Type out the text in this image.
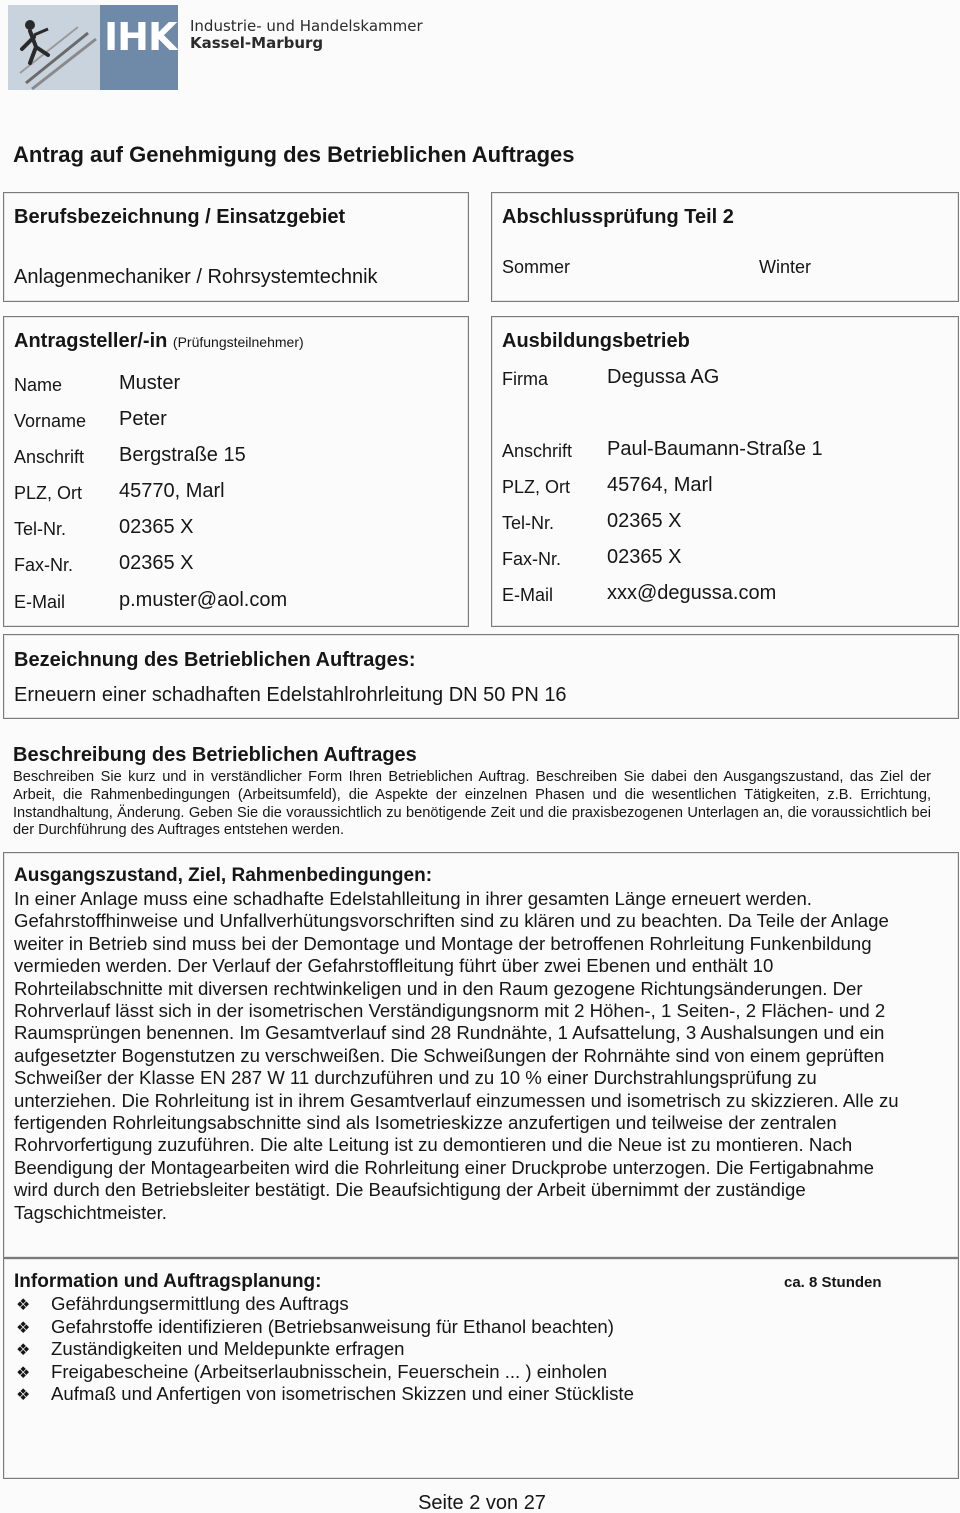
IHK Industrie- und Handelskammer
Kassel-Marburg
Antrag auf Genehmigung des Betrieblichen Auftrages
Berufsbezeichnung / Einsatzgebiet
Anlagenmechaniker / Rohrsystemtechnik
Abschlussprüfung Teil 2
Sommer	Winter
Antragsteller/-in (Prüfungsteilnehmer)
Name	Muster
Vorname Peter
Anschrift Bergstraße 15
PLZ, Ort 45770, Marl
Tel-Nr.	02365 X
Fax-Nr. 02365 X
E-Mail	p.muster@aol.com
Ausbildungsbetrieb
Firma	Degussa AG
Anschrift Paul-Baumann-Straße 1
PLZ, Ort 45764, Marl
Tel-Nr.	02365 X
Fax-Nr. 02365 X
E-Mail	xxx@degussa.com
Bezeichnung des Betrieblichen Auftrages:
Erneuern einer schadhaften Edelstahlrohrleitung DN 50 PN 16
Beschreibung des Betrieblichen Auftrages
Beschreiben Sie kurz und in verständlicher Form Ihren Betrieblichen Auftrag. Beschreiben Sie dabei den Ausgangszustand, das Ziel der Arbeit, die Rahmenbedingungen (Arbeitsumfeld), die Aspekte der einzelnen Phasen und die wesentlichen Tätigkeiten, z.B. Errichtung, Instandhaltung, Änderung. Geben Sie die voraussichtlich zu benötigende Zeit und die praxisbezogenen Unterlagen an, die voraussichtlich bei der Durchführung des Auftrages entstehen werden.
Ausgangszustand, Ziel, Rahmenbedingungen:
In einer Anlage muss eine schadhafte Edelstahlleitung in ihrer gesamten Länge erneuert werden.
Gefahrstoffhinweise und Unfallverhütungsvorschriften sind zu klären und zu beachten. Da Teile der Anlage
weiter in Betrieb sind muss bei der Demontage und Montage der betroffenen Rohrleitung Funkenbildung
vermieden werden. Der Verlauf der Gefahrstoffleitung führt über zwei Ebenen und enthält 10
Rohrteilabschnitte mit diversen rechtwinkeligen und in den Raum gezogene Richtungsänderungen. Der
Rohrverlauf lässt sich in der isometrischen Verständigungsnorm mit 2 Höhen-, 1 Seiten-, 2 Flächen- und 2
Raumsprüngen benennen. Im Gesamtverlauf sind 28 Rundnähte, 1 Aufsattelung, 3 Aushalsungen und ein
aufgesetzter Bogenstutzen zu verschweißen. Die Schweißungen der Rohrnähte sind von einem geprüften
Schweißer der Klasse EN 287 W 11 durchzuführen und zu 10 % einer Durchstrahlungsprüfung zu
unterziehen. Die Rohrleitung ist in ihrem Gesamtverlauf einzumessen und isometrisch zu skizzieren. Alle zu
fertigenden Rohrleitungsabschnitte sind als Isometrieskizze anzufertigen und teilweise der zentralen
Rohrvorfertigung zuzuführen. Die alte Leitung ist zu demontieren und die Neue ist zu montieren. Nach
Beendigung der Montagearbeiten wird die Rohrleitung einer Druckprobe unterzogen. Die Fertigabnahme
wird durch den Betriebsleiter bestätigt. Die Beaufsichtigung der Arbeit übernimmt der zuständige
Tagschichtmeister.
Information und Auftragsplanung:	ca. 8 Stunden
❖ Gefährdungsermittlung des Auftrags
❖ Gefahrstoffe identifizieren (Betriebsanweisung für Ethanol beachten)
❖ Zuständigkeiten und Meldepunkte erfragen
❖ Freigabescheine (Arbeitserlaubnisschein, Feuerschein ... ) einholen
❖ Aufmaß und Anfertigen von isometrischen Skizzen und einer Stückliste
Seite 2 von 27
